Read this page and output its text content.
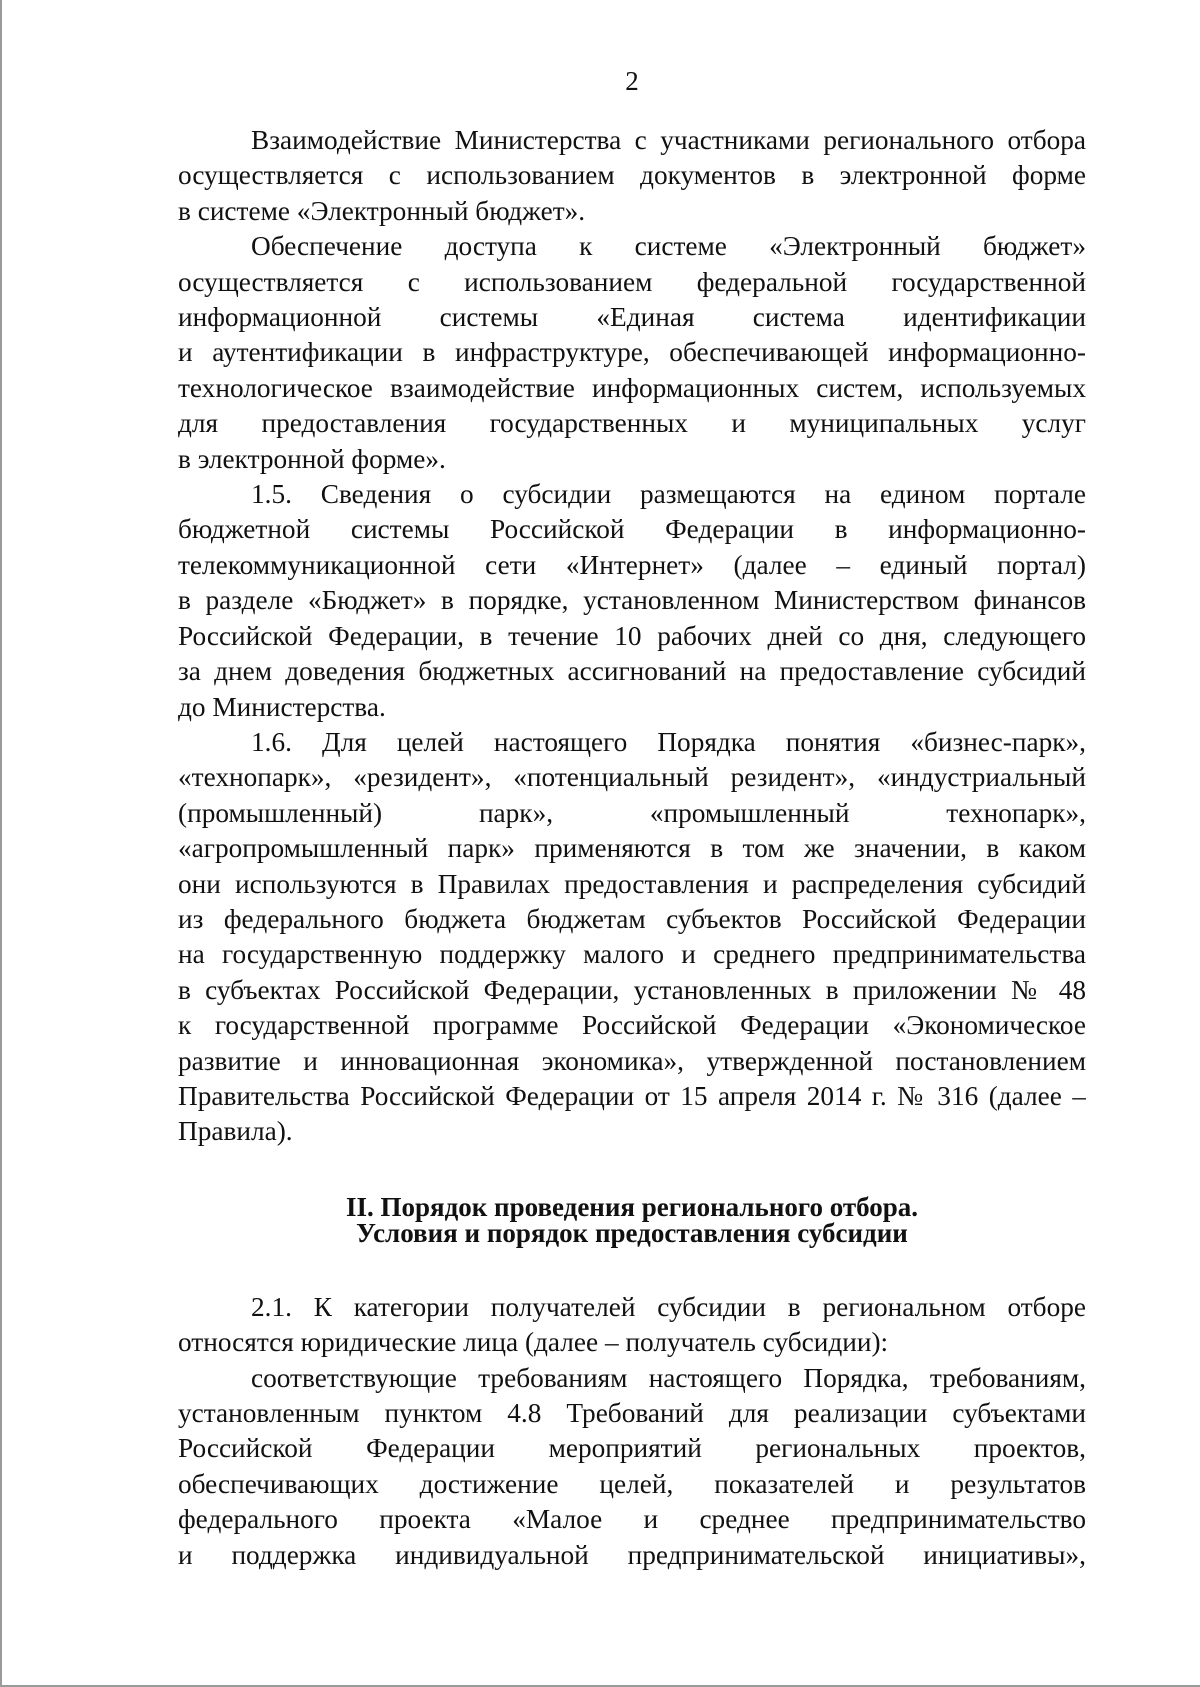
2
Взаимодействие Министерства с участниками регионального отбора
осуществляется с использованием документов в электронной форме
в системе «Электронный бюджет».
Обеспечение доступа к системе «Электронный бюджет»
осуществляется с использованием федеральной государственной
информационной системы «Единая система идентификации
и аутентификации в инфраструктуре, обеспечивающей информационно-
технологическое взаимодействие информационных систем, используемых
для предоставления государственных и муниципальных услуг
в электронной форме».
1.5. Сведения о субсидии размещаются на едином портале
бюджетной системы Российской Федерации в информационно-
телекоммуникационной сети «Интернет» (далее – единый портал)
в разделе «Бюджет» в порядке, установленном Министерством финансов
Российской Федерации, в течение 10 рабочих дней со дня, следующего
за днем доведения бюджетных ассигнований на предоставление субсидий
до Министерства.
1.6. Для целей настоящего Порядка понятия «бизнес-парк»,
«технопарк», «резидент», «потенциальный резидент», «индустриальный
(промышленный) парк», «промышленный технопарк»,
«агропромышленный парк» применяются в том же значении, в каком
они используются в Правилах предоставления и распределения субсидий
из федерального бюджета бюджетам субъектов Российской Федерации
на государственную поддержку малого и среднего предпринимательства
в субъектах Российской Федерации, установленных в приложении № 48
к государственной программе Российской Федерации «Экономическое
развитие и инновационная экономика», утвержденной постановлением
Правительства Российской Федерации от 15 апреля 2014 г. № 316 (далее –
Правила).
II. Порядок проведения регионального отбора.
Условия и порядок предоставления субсидии
2.1. К категории получателей субсидии в региональном отборе
относятся юридические лица (далее – получатель субсидии):
соответствующие требованиям настоящего Порядка, требованиям,
установленным пунктом 4.8 Требований для реализации субъектами
Российской Федерации мероприятий региональных проектов,
обеспечивающих достижение целей, показателей и результатов
федерального проекта «Малое и среднее предпринимательство
и поддержка индивидуальной предпринимательской инициативы»,
